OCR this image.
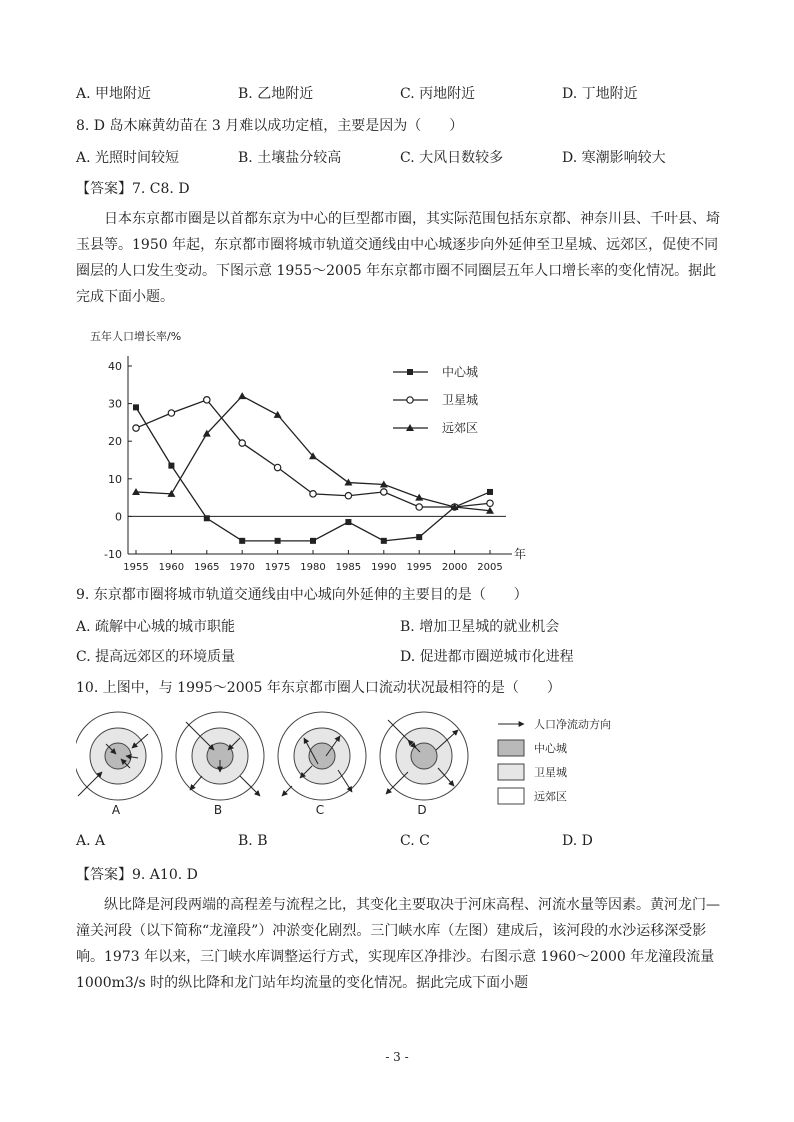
A. 甲地附近	B. 乙地附近	C. 丙地附近	D. 丁地附近
8. D 岛木麻黄幼苗在 3 月难以成功定植，主要是因为（　　）
A. 光照时间较短	B. 土壤盐分较高	C. 大风日数较多	D. 寒潮影响较大
【答案】7. C8. D
日本东京都市圈是以首都东京为中心的巨型都市圈，其实际范围包括东京都、神奈川县、千叶县、埼玉县等。1950 年起，东京都市圈将城市轨道交通线由中心城逐步向外延伸至卫星城、远郊区，促使不同圈层的人口发生变动。下图示意 1955～2005 年东京都市圈不同圈层五年人口增长率的变化情况。据此完成下面小题。
五年人口增长率/%
年
-10
0
10
20
30
40
1955 1960 1965 1970 1975 1980 1985 1990 1995 2000 2005
中心城
卫星城
远郊区
9. 东京都市圈将城市轨道交通线由中心城向外延伸的主要目的是（　　）
A. 疏解中心城的城市职能	B. 增加卫星城的就业机会
C. 提高远郊区的环境质量	D. 促进都市圈逆城市化进程
10. 上图中，与 1995～2005 年东京都市圈人口流动状况最相符的是（　　）
A	B	C	D
人口净流动方向
中心城
卫星城
远郊区
A. A	B. B	C. C	D. D
【答案】9. A10. D
纵比降是河段两端的高程差与流程之比，其变化主要取决于河床高程、河流水量等因素。黄河龙门—潼关河段（以下简称“龙潼段”）冲淤变化剧烈。三门峡水库（左图）建成后，该河段的水沙运移深受影响。1973 年以来，三门峡水库调整运行方式，实现库区净排沙。右图示意 1960～2000 年龙潼段流量 1000m3/s 时的纵比降和龙门站年均流量的变化情况。据此完成下面小题
- 3 -
